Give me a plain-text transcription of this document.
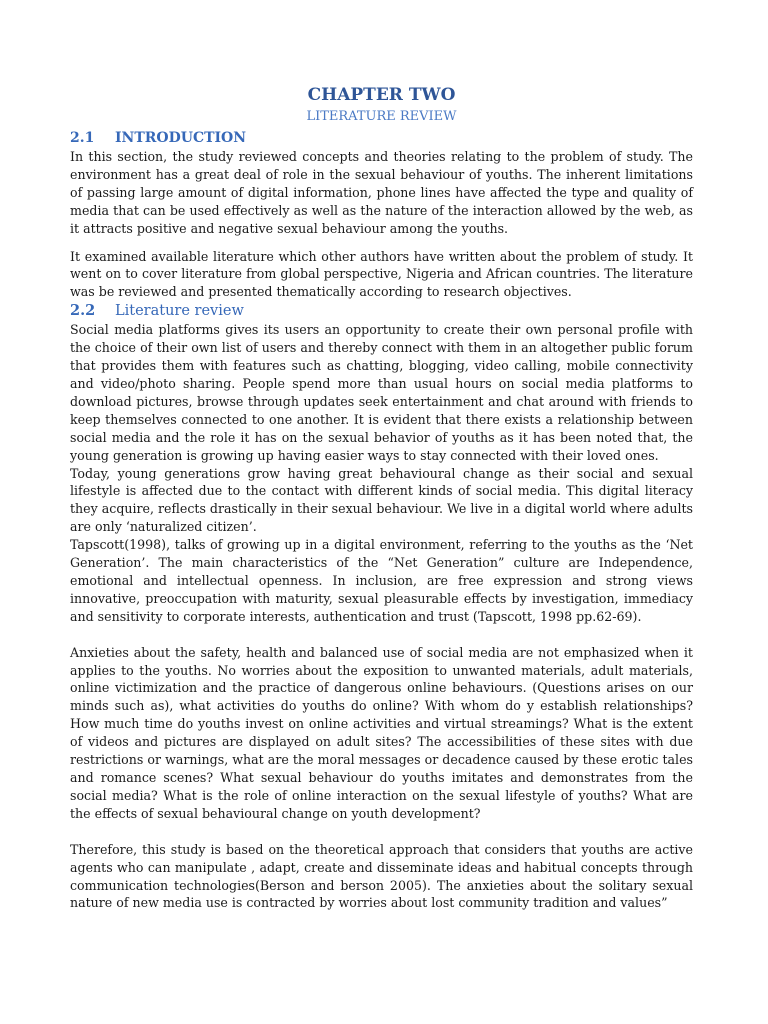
CHAPTER TWO
LITERATURE REVIEW
2.1 INTRODUCTION

In this section, the study reviewed concepts and theories relating to the problem of study. The environment has a great deal of role in the sexual behaviour of youths. The inherent limitations of passing large amount of digital information, phone lines have affected the type and quality of media that can be used effectively as well as the nature of the interaction allowed by the web, as it attracts positive and negative sexual behaviour among the youths.

It examined available literature which other authors have written about the problem of study. It went on to cover literature from global perspective, Nigeria and African countries. The literature was be reviewed and presented thematically according to research objectives.

2.2 Literature review

Social media platforms gives its users an opportunity to create their own personal profile with the choice of their own list of users and thereby connect with them in an altogether public forum that provides them with features such as chatting, blogging, video calling, mobile connectivity and video/photo sharing. People spend more than usual hours on social media platforms to download pictures, browse through updates seek entertainment and chat around with friends to keep themselves connected to one another. It is evident that there exists a relationship between social media and the role it has on the sexual behavior of youths as it has been noted that, the young generation is growing up having easier ways to stay connected with their loved ones.

Today, young generations grow having great behavioural change as their social and sexual lifestyle is affected due to the contact with different kinds of social media. This digital literacy they acquire, reflects drastically in their sexual behaviour. We live in a digital world where adults are only ‘naturalized citizen’.

Tapscott(1998), talks of growing up in a digital environment, referring to the youths as the ‘Net Generation’. The main characteristics of the “Net Generation” culture are Independence, emotional and intellectual openness. In inclusion, are free expression and strong views innovative, preoccupation with maturity, sexual pleasurable effects by investigation, immediacy and sensitivity to corporate interests, authentication and trust (Tapscott, 1998 pp.62-69).

Anxieties about the safety, health and balanced use of social media are not emphasized when it applies to the youths. No worries about the exposition to unwanted materials, adult materials, online victimization and the practice of dangerous online behaviours. (Questions arises on our minds such as), what activities do youths do online? With whom do y establish relationships? How much time do youths invest on online activities and virtual streamings? What is the extent of videos and pictures are displayed on adult sites? The accessibilities of these sites with due restrictions or warnings, what are the moral messages or decadence caused by these erotic tales and romance scenes? What sexual behaviour do youths imitates and demonstrates from the social media? What is the role of online interaction on the sexual lifestyle of youths? What are the effects of sexual behavioural change on youth development?

Therefore, this study is based on the theoretical approach that considers that youths are active agents who can manipulate , adapt, create and disseminate ideas and habitual concepts through communication technologies(Berson and berson 2005). The anxieties about the solitary sexual nature of new media use is contracted by worries about lost community tradition and values”
